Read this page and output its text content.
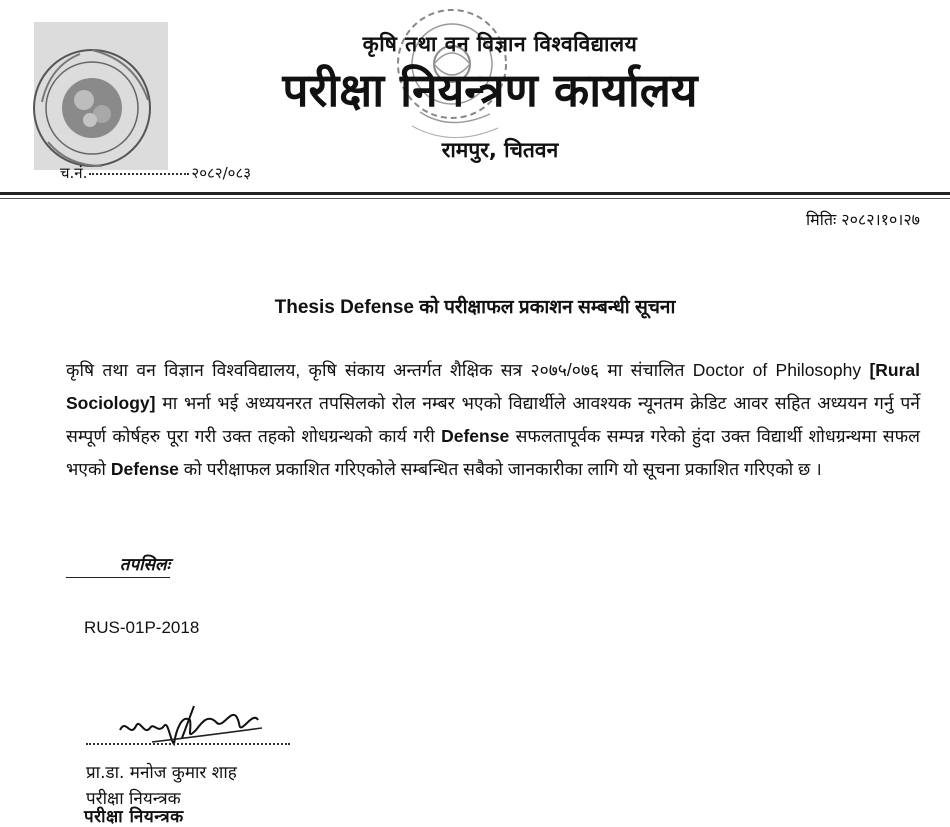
कृषि तथा वन विज्ञान विश्वविद्यालय
परीक्षा नियन्त्रण कार्यालय
रामपुर, चितवन
च.नं.	२०८२/०८३
मितिः २०८२।१०।२७
Thesis Defense को परीक्षाफल प्रकाशन सम्बन्धी सूचना
कृषि तथा वन विज्ञान विश्वविद्यालय, कृषि संकाय अन्तर्गत शैक्षिक सत्र २०७५/०७६ मा संचालित Doctor of Philosophy [Rural Sociology] मा भर्ना भई अध्ययनरत तपसिलको रोल नम्बर भएको विद्यार्थीले आवश्यक न्यूनतम क्रेडिट आवर सहित अध्ययन गर्नु पर्ने सम्पूर्ण कोर्षहरु पूरा गरी उक्त तहको शोधग्रन्थको कार्य गरी Defense सफलतापूर्वक सम्पन्न गरेको हुंदा उक्त विद्यार्थी शोधग्रन्थमा सफल भएको Defense को परीक्षाफल प्रकाशित गरिएकोले सम्बन्धित सबैको जानकारीका लागि यो सूचना प्रकाशित गरिएको छ ।
तपसिलः
RUS-01P-2018
प्रा.डा. मनोज कुमार शाह
परीक्षा नियन्त्रक
परीक्षा नियन्त्रक
